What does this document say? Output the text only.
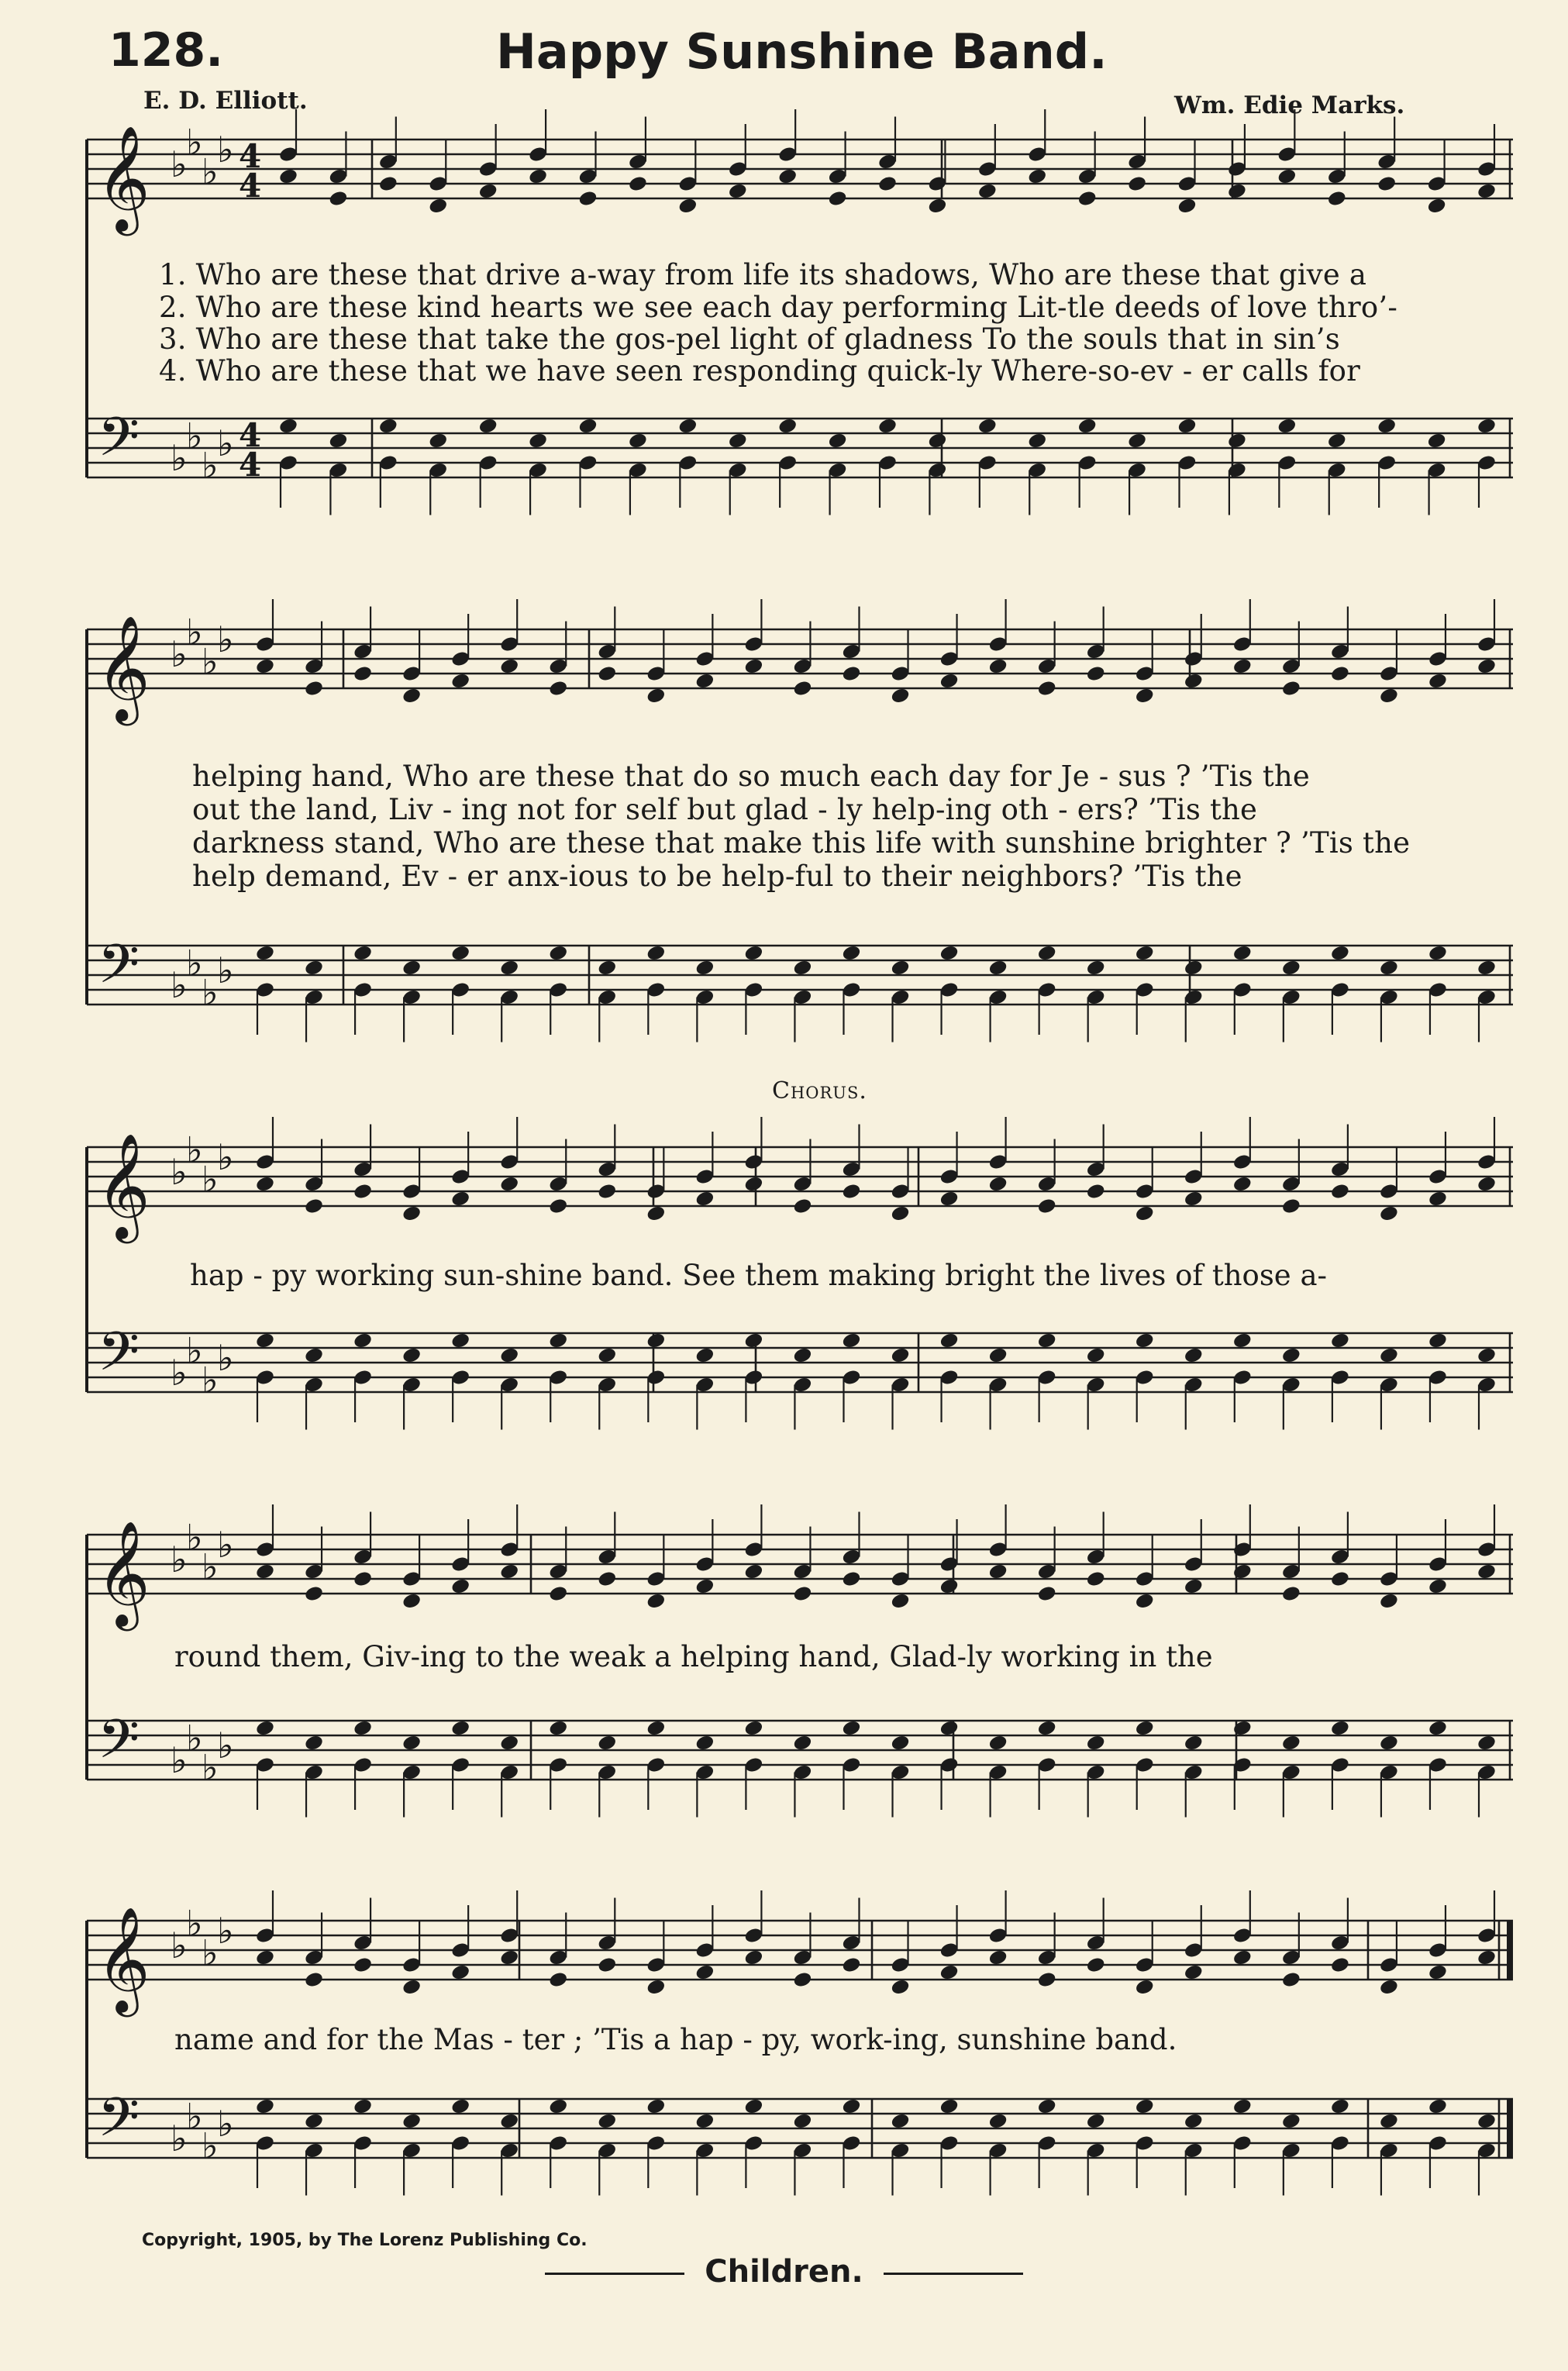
128.	Happy Sunshine Band.
E. D. Elliott.	Wm. Edie Marks.
𝄞
𝄢
♭
♭
♭
♭
♭
♭
♭
♭
4
4
4
4
𝄞
𝄢
♭
♭
♭
♭
♭
♭
♭
♭
𝄞
𝄢
♭
♭
♭
♭
♭
♭
♭
♭
𝄞
𝄢
♭
♭
♭
♭
♭
♭
♭
♭
𝄞
𝄢
♭
♭
♭
♭
♭
♭
♭
♭
1. Who are these that drive a-way from life its shadows, Who are these that give a
2. Who are these kind hearts we see each day performing Lit-tle deeds of love thro’-
3. Who are these that take the gos-pel light of gladness To the souls that in sin’s
4. Who are these that we have seen responding quick-ly Where-so-ev - er calls for
helping hand, Who are these that do so much each day for Je - sus ? ’Tis the
out the land, Liv - ing not for self but glad - ly help-ing oth - ers? ’Tis the
darkness stand, Who are these that make this life with sunshine brighter ? ’Tis the
help demand, Ev - er anx-ious to be help-ful to their neighbors? ’Tis the
Chorus.
hap - py working sun-shine band. See them making bright the lives of those a-
round them, Giv-ing to the weak a helping hand, Glad-ly working in the
name and for the Mas - ter ; ’Tis a hap - py, work-ing, sunshine band.
Copyright, 1905, by The Lorenz Publishing Co.
Children.
